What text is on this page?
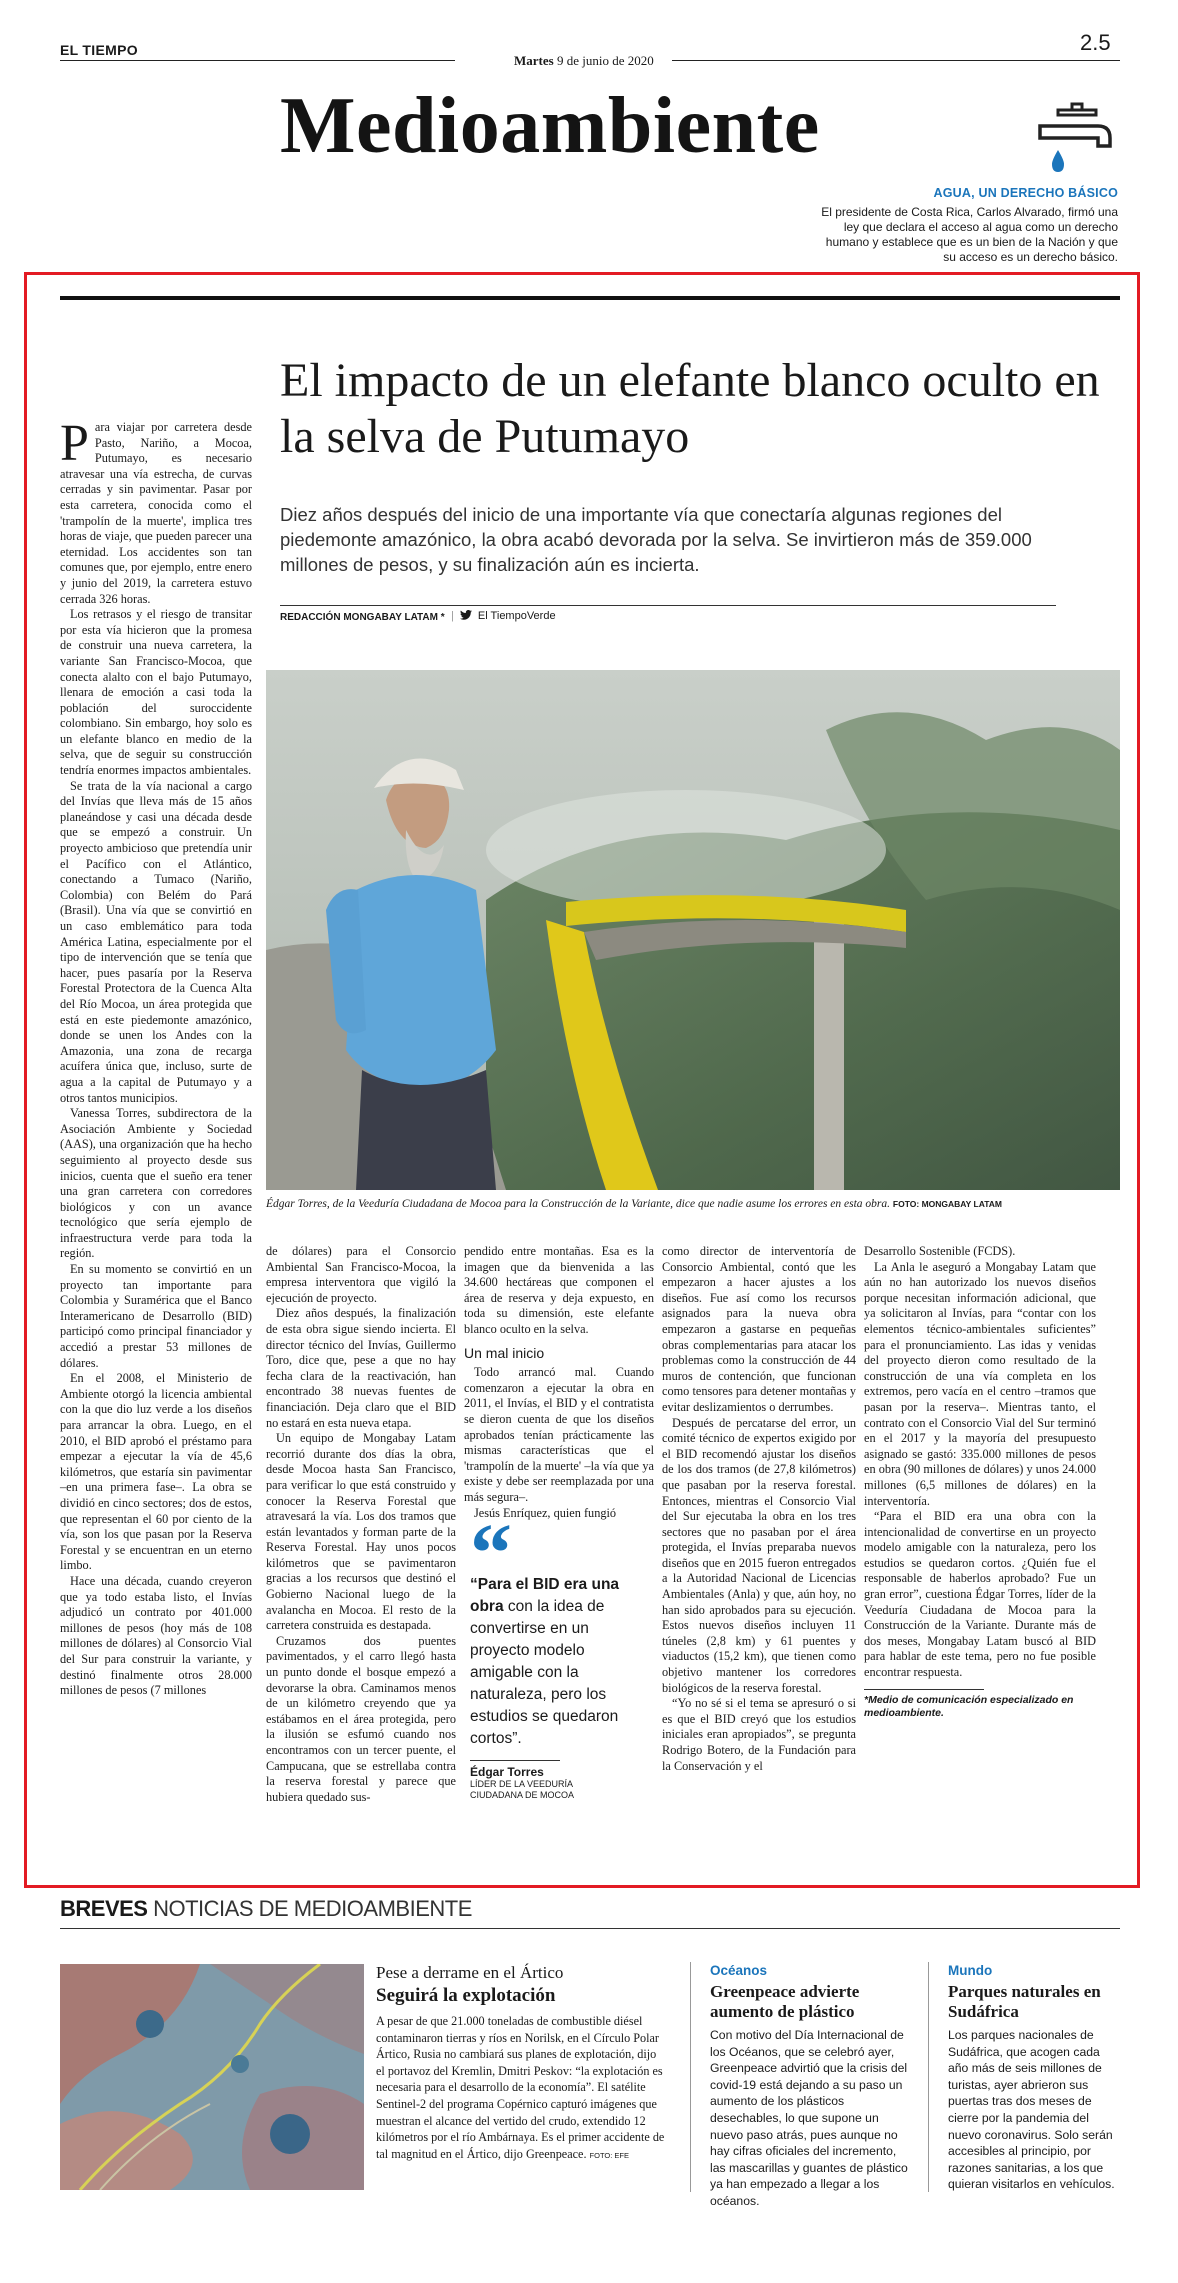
EL TIEMPO
Martes 9 de junio de 2020
2.5
Medioambiente
AGUA, UN DERECHO BÁSICO
El presidente de Costa Rica, Carlos Alvarado, firmó una ley que declara el acceso al agua como un derecho humano y establece que es un bien de la Nación y que su acceso es un derecho básico.
El impacto de un elefante blanco oculto en la selva de Putumayo
Diez años después del inicio de una importante vía que conectaría algunas regiones del piedemonte amazónico, la obra acabó devorada por la selva. Se invirtieron más de 359.000 millones de pesos, y su finalización aún es incierta.
REDACCIÓN MONGABAY LATAM * | El TiempoVerde
Édgar Torres, de la Veeduría Ciudadana de Mocoa para la Construcción de la Variante, dice que nadie asume los errores en esta obra. FOTO: MONGABAY LATAM
P ara viajar por carretera desde Pasto, Nariño, a Mocoa, Putumayo, es necesario atravesar una vía estrecha, de curvas cerradas y sin pavimentar. Pasar por esta carretera, conocida como el 'trampolín de la muerte', implica tres horas de viaje, que pueden parecer una eternidad. Los accidentes son tan comunes que, por ejemplo, entre enero y junio del 2019, la carretera estuvo cerrada 326 horas.

Los retrasos y el riesgo de transitar por esta vía hicieron que la promesa de construir una nueva carretera, la variante San Francisco-Mocoa, que conecta alalto con el bajo Putumayo, llenara de emoción a casi toda la población del suroccidente colombiano. Sin embargo, hoy solo es un elefante blanco en medio de la selva, que de seguir su construcción tendría enormes impactos ambientales.

Se trata de la vía nacional a cargo del Invías que lleva más de 15 años planeándose y casi una década desde que se empezó a construir. Un proyecto ambicioso que pretendía unir el Pacífico con el Atlántico, conectando a Tumaco (Nariño, Colombia) con Belém do Pará (Brasil). Una vía que se convirtió en un caso emblemático para toda América Latina, especialmente por el tipo de intervención que se tenía que hacer, pues pasaría por la Reserva Forestal Protectora de la Cuenca Alta del Río Mocoa, un área protegida que está en este piedemonte amazónico, donde se unen los Andes con la Amazonia, una zona de recarga acuífera única que, incluso, surte de agua a la capital de Putumayo y a otros tantos municipios.

Vanessa Torres, subdirectora de la Asociación Ambiente y Sociedad (AAS), una organización que ha hecho seguimiento al proyecto desde sus inicios, cuenta que el sueño era tener una gran carretera con corredores biológicos y con un avance tecnológico que sería ejemplo de infraestructura verde para toda la región.

En su momento se convirtió en un proyecto tan importante para Colombia y Suramérica que el Banco Interamericano de Desarrollo (BID) participó como principal financiador y accedió a prestar 53 millones de dólares.

En el 2008, el Ministerio de Ambiente otorgó la licencia ambiental con la que dio luz verde a los diseños para arrancar la obra. Luego, en el 2010, el BID aprobó el préstamo para empezar a ejecutar la vía de 45,6 kilómetros, que estaría sin pavimentar –en una primera fase–. La obra se dividió en cinco sectores; dos de estos, que representan el 60 por ciento de la vía, son los que pasan por la Reserva Forestal y se encuentran en un eterno limbo.

Hace una década, cuando creyeron que ya todo estaba listo, el Invías adjudicó un contrato por 401.000 millones de pesos (hoy más de 108 millones de dólares) al Consorcio Vial del Sur para construir la variante, y destinó finalmente otros 28.000 millones de pesos (7 millones

de dólares) para el Consorcio Ambiental San Francisco-Mocoa, la empresa interventora que vigiló la ejecución de proyecto.

Diez años después, la finalización de esta obra sigue siendo incierta. El director técnico del Invías, Guillermo Toro, dice que, pese a que no hay fecha clara de la reactivación, han encontrado 38 nuevas fuentes de financiación. Deja claro que el BID no estará en esta nueva etapa.

Un equipo de Mongabay Latam recorrió durante dos días la obra, desde Mocoa hasta San Francisco, para verificar lo que está construido y conocer la Reserva Forestal que atravesará la vía. Los dos tramos que están levantados y forman parte de la Reserva Forestal. Hay unos pocos kilómetros que se pavimentaron gracias a los recursos que destinó el Gobierno Nacional luego de la avalancha en Mocoa. El resto de la carretera construida es destapada.

Cruzamos dos puentes pavimentados, y el carro llegó hasta un punto donde el bosque empezó a devorarse la obra. Caminamos menos de un kilómetro creyendo que ya estábamos en el área protegida, pero la ilusión se esfumó cuando nos encontramos con un tercer puente, el Campucana, que se estrellaba contra la reserva forestal y parece que hubiera quedado sus-

pendido entre montañas. Esa es la imagen que da bienvenida a las 34.600 hectáreas que componen el área de reserva y deja expuesto, en toda su dimensión, este elefante blanco oculto en la selva.

Un mal inicio

Todo arrancó mal. Cuando comenzaron a ejecutar la obra en 2011, el Invías, el BID y el contratista se dieron cuenta de que los diseños aprobados tenían prácticamente las mismas características que el 'trampolín de la muerte' –la vía que ya existe y debe ser reemplazada por una más segura–.

Jesús Enríquez, quien fungió

“
“Para el BID era una obra con la idea de convertirse en un proyecto modelo amigable con la naturaleza, pero los estudios se quedaron cortos”.
Édgar Torres
LÍDER DE LA VEEDURÍA CIUDADANA DE MOCOA

como director de interventoría de Consorcio Ambiental, contó que les empezaron a hacer ajustes a los diseños. Fue así como los recursos asignados para la nueva obra empezaron a gastarse en pequeñas obras complementarias para atacar los problemas como la construcción de 44 muros de contención, que funcionan como tensores para detener montañas y evitar deslizamientos o derrumbes.

Después de percatarse del error, un comité técnico de expertos exigido por el BID recomendó ajustar los diseños de los dos tramos (de 27,8 kilómetros) que pasaban por la reserva forestal. Entonces, mientras el Consorcio Vial del Sur ejecutaba la obra en los tres sectores que no pasaban por el área protegida, el Invías preparaba nuevos diseños que en 2015 fueron entregados a la Autoridad Nacional de Licencias Ambientales (Anla) y que, aún hoy, no han sido aprobados para su ejecución. Estos nuevos diseños incluyen 11 túneles (2,8 km) y 61 puentes y viaductos (15,2 km), que tienen como objetivo mantener los corredores biológicos de la reserva forestal.

“Yo no sé si el tema se apresuró o si es que el BID creyó que los estudios iniciales eran apropiados”, se pregunta Rodrigo Botero, de la Fundación para la Conservación y el

Desarrollo Sostenible (FCDS).

La Anla le aseguró a Mongabay Latam que aún no han autorizado los nuevos diseños porque necesitan información adicional, que ya solicitaron al Invías, para “contar con los elementos técnico-ambientales suficientes” para el pronunciamiento. Las idas y venidas del proyecto dieron como resultado de la construcción de una vía completa en los extremos, pero vacía en el centro –tramos que pasan por la reserva–. Mientras tanto, el contrato con el Consorcio Vial del Sur terminó en el 2017 y la mayoría del presupuesto asignado se gastó: 335.000 millones de pesos en obra (90 millones de dólares) y unos 24.000 millones (6,5 millones de dólares) en la interventoría.

“Para el BID era una obra con la intencionalidad de convertirse en un proyecto modelo amigable con la naturaleza, pero los estudios se quedaron cortos. ¿Quién fue el responsable de haberlos aprobado? Fue un gran error”, cuestiona Édgar Torres, líder de la Veeduría Ciudadana de Mocoa para la Construcción de la Variante. Durante más de dos meses, Mongabay Latam buscó al BID para hablar de este tema, pero no fue posible encontrar respuesta.

*Medio de comunicación especializado en medioambiente.
BREVES NOTICIAS DE MEDIOAMBIENTE
Pese a derrame en el Ártico
Seguirá la explotación
A pesar de que 21.000 toneladas de combustible diésel contaminaron tierras y ríos en Norilsk, en el Círculo Polar Ártico, Rusia no cambiará sus planes de explotación, dijo el portavoz del Kremlin, Dmitri Peskov: “la explotación es necesaria para el desarrollo de la economía”. El satélite Sentinel-2 del programa Copérnico capturó imágenes que muestran el alcance del vertido del crudo, extendido 12 kilómetros por el río Ambárnaya. Es el primer accidente de tal magnitud en el Ártico, dijo Greenpeace. FOTO: EFE
Océanos
Greenpeace advierte aumento de plástico

Con motivo del Día Internacional de los Océanos, que se celebró ayer, Greenpeace advirtió que la crisis del covid-19 está dejando a su paso un aumento de los plásticos desechables, lo que supone un nuevo paso atrás, pues aunque no hay cifras oficiales del incremento, las mascarillas y guantes de plástico ya han empezado a llegar a los océanos.

Mundo
Parques naturales en Sudáfrica

Los parques nacionales de Sudáfrica, que acogen cada año más de seis millones de turistas, ayer abrieron sus puertas tras dos meses de cierre por la pandemia del nuevo coronavirus. Solo serán accesibles al principio, por razones sanitarias, a los que quieran visitarlos en vehículos.
